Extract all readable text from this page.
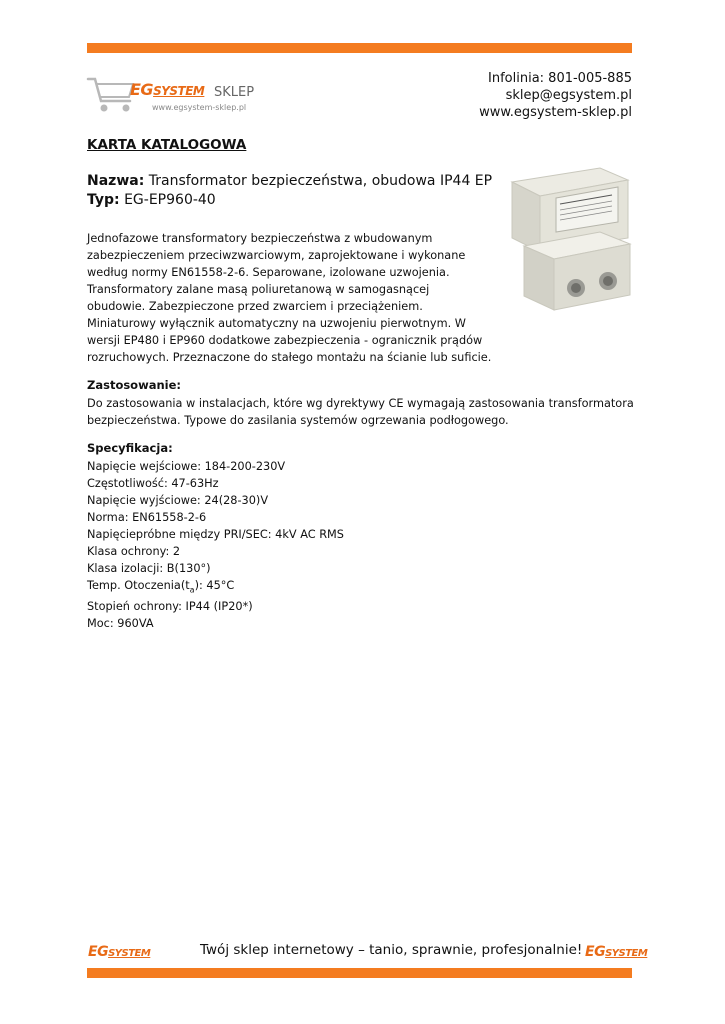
EGSYSTEM SKLEP
www.egsystem-sklep.pl
Infolinia: 801-005-885
sklep@egsystem.pl
www.egsystem-sklep.pl
KARTA KATALOGOWA
Nazwa: Transformator bezpieczeństwa, obudowa IP44 EP
Typ: EG-EP960-40
Jednofazowe transformatory bezpieczeństwa z wbudowanym
zabezpieczeniem przeciwzwarciowym, zaprojektowane i wykonane
według normy EN61558-2-6. Separowane, izolowane uzwojenia.
Transformatory zalane masą poliuretanową w samogasnącej
obudowie. Zabezpieczone przed zwarciem i przeciążeniem.
Miniaturowy wyłącznik automatyczny na uzwojeniu pierwotnym. W
wersji EP480 i EP960 dodatkowe zabezpieczenia - ogranicznik prądów
rozruchowych. Przeznaczone do stałego montażu na ścianie lub suficie.
Zastosowanie:
Do zastosowania w instalacjach, które wg dyrektywy CE wymagają zastosowania transformatora
bezpieczeństwa. Typowe do zasilania systemów ogrzewania podłogowego.
Specyfikacja:
Napięcie wejściowe: 184-200-230V
Częstotliwość: 47-63Hz
Napięcie wyjściowe: 24(28-30)V
Norma: EN61558-2-6
Napięciepróbne między PRI/SEC: 4kV AC RMS
Klasa ochrony: 2
Klasa izolacji: B(130°)
Temp. $Otoczenia(t_a)$: 45°C
Stopień ochrony: IP44 (IP20*)
Moc: 960VA
EGSYSTEM	Twój sklep internetowy – tanio, sprawnie, profesjonalnie! EGSYSTEM
